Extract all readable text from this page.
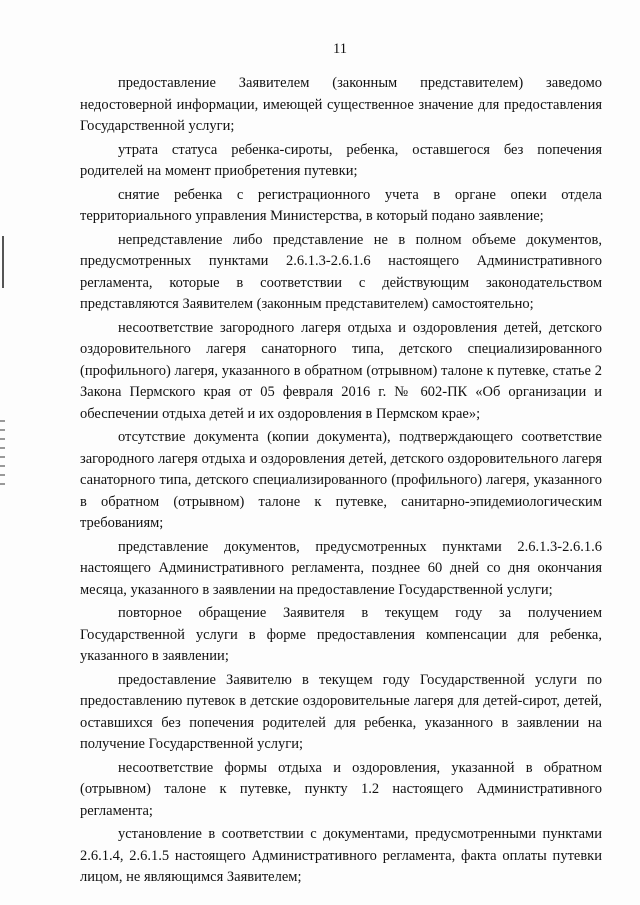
11

предоставление Заявителем (законным представителем) заведомо недостоверной информации, имеющей существенное значение для предоставления Государственной услуги;

утрата статуса ребенка-сироты, ребенка, оставшегося без попечения родителей на момент приобретения путевки;

снятие ребенка с регистрационного учета в органе опеки отдела территориального управления Министерства, в который подано заявление;

непредставление либо представление не в полном объеме документов, предусмотренных пунктами 2.6.1.3-2.6.1.6 настоящего Административного регламента, которые в соответствии с действующим законодательством представляются Заявителем (законным представителем) самостоятельно;

несоответствие загородного лагеря отдыха и оздоровления детей, детского оздоровительного лагеря санаторного типа, детского специализированного (профильного) лагеря, указанного в обратном (отрывном) талоне к путевке, статье 2 Закона Пермского края от 05 февраля 2016 г. № 602-ПК «Об организации и обеспечении отдыха детей и их оздоровления в Пермском крае»;

отсутствие документа (копии документа), подтверждающего соответствие загородного лагеря отдыха и оздоровления детей, детского оздоровительного лагеря санаторного типа, детского специализированного (профильного) лагеря, указанного в обратном (отрывном) талоне к путевке, санитарно-эпидемиологическим требованиям;

представление документов, предусмотренных пунктами 2.6.1.3-2.6.1.6 настоящего Административного регламента, позднее 60 дней со дня окончания месяца, указанного в заявлении на предоставление Государственной услуги;

повторное обращение Заявителя в текущем году за получением Государственной услуги в форме предоставления компенсации для ребенка, указанного в заявлении;

предоставление Заявителю в текущем году Государственной услуги по предоставлению путевок в детские оздоровительные лагеря для детей-сирот, детей, оставшихся без попечения родителей для ребенка, указанного в заявлении на получение Государственной услуги;

несоответствие формы отдыха и оздоровления, указанной в обратном (отрывном) талоне к путевке, пункту 1.2 настоящего Административного регламента;

установление в соответствии с документами, предусмотренными пунктами 2.6.1.4, 2.6.1.5 настоящего Административного регламента, факта оплаты путевки лицом, не являющимся Заявителем;
